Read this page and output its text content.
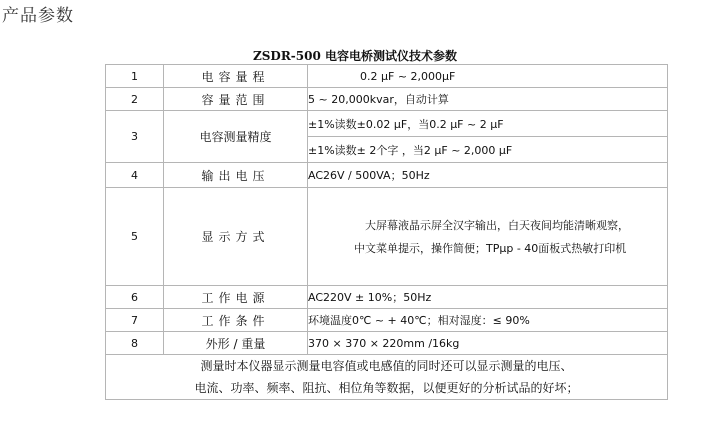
产品参数
ZSDR-500 电容电桥测试仪技术参数
1	电容量程	0.2 μF ~ 2,000μF
2	容量范围	5 ~ 20,000kvar，自动计算
3	电容测量精度	±1%读数±0.02 μF，当0.2 μF ~ 2 μF
		±1%读数± 2个字 ，当2 μF ~ 2,000 μF
4	输出电压	AC26V / 500VA；50Hz
5	显示方式	大屏幕液晶示屏全汉字输出，白天夜间均能清晰观察，
中文菜单提示，操作简便；TPμp - 40面板式热敏打印机

6	工作电源	AC220V ± 10%；50Hz
7	工作条件	环境温度0℃ ~ + 40℃；相对湿度：≤ 90%
8	外形 / 重量	370 × 370 × 220mm /16kg

测量时本仪器显示测量电容值或电感值的同时还可以显示测量的电压、
电流、功率、频率、阻抗、相位角等数据，以便更好的分析试品的好坏；		
